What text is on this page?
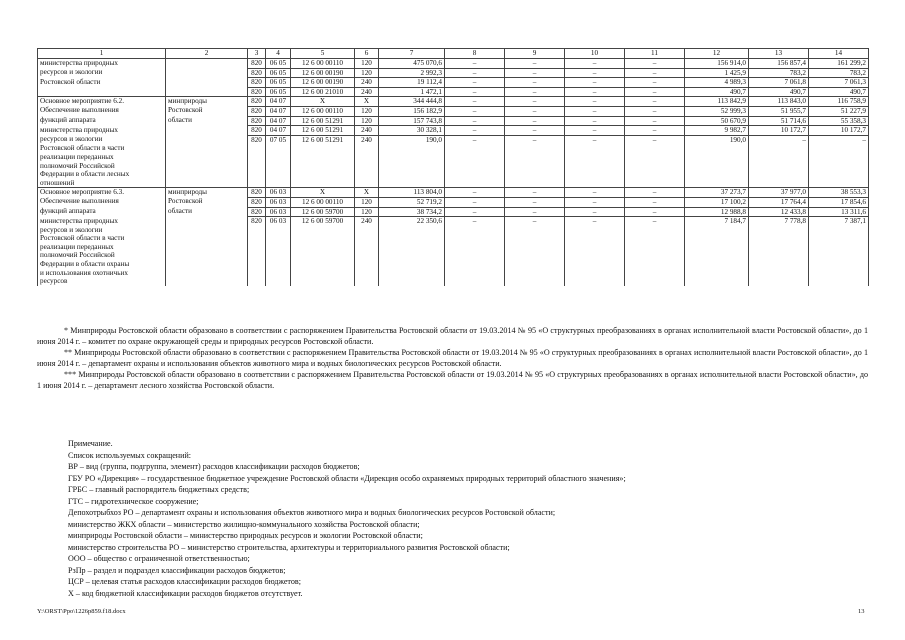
1	2	3	4	5	6	7	8	9	10	11	12	13	14
министерства природных		820	06 05	12 6 00 00110	120	475 070,6	–	–	–	–	156 914,0	156 857,4	161 299,2
ресурсов и экологии		820	06 05	12 6 00 00190	120	2 992,3	–	–	–	–	1 425,9	783,2	783,2
Ростовской области		820	06 05	12 6 00 00190	240	19 112,4	–	–	–	–	4 989,3	7 061,8	7 061,3
		820	06 05	12 6 00 21010	240	1 472,1	–	–	–	–	490,7	490,7	490,7
Основное мероприятие 6.2.	минприроды	820	04 07	Х	Х	344 444,8	–	–	–	–	113 842,9	113 843,0	116 758,9
Обеспечение выполнения	Ростовской	820	04 07	12 6 00 00110	120	156 182,9	–	–	–	–	52 999,3	51 955,7	51 227,9
функций аппарата	области	820	04 07	12 6 00 51291	120	157 743,8	–	–	–	–	50 670,9	51 714,6	55 358,3
министерства природных		820	04 07	12 6 00 51291	240	30 328,1	–	–	–	–	9 982,7	10 172,7	10 172,7
ресурсов и экологии		820	07 05	12 6 00 51291	240	190,0	–	–	–	–	190,0	–	–
Ростовской области в части													
реализации переданных													
полномочий Российской													
Федерации в области лесных													
отношений													
Основное мероприятие 6.3.	минприроды	820	06 03	Х	Х	113 804,0	–	–	–	–	37 273,7	37 977,0	38 553,3
Обеспечение выполнения	Ростовской	820	06 03	12 6 00 00110	120	52 719,2	–	–	–	–	17 100,2	17 764,4	17 854,6
функций аппарата	области	820	06 03	12 6 00 59700	120	38 734,2	–	–	–	–	12 988,8	12 433,8	13 311,6
министерства природных		820	06 03	12 6 00 59700	240	22 350,6	–	–	–	–	7 184,7	7 778,8	7 387,1
ресурсов и экологии													
Ростовской области в части													
реализации переданных													
полномочий Российской													
Федерации в области охраны													
и использования охотничьих													
ресурсов													

* Минприроды Ростовской области образовано в соответствии с распоряжением Правительства Ростовской области от 19.03.2014 № 95 «О структурных преобразованиях в органах исполнительной власти Ростовской области», до 1 июня 2014 г. – комитет по охране окружающей среды и природных ресурсов Ростовской области.

** Минприроды Ростовской области образовано в соответствии с распоряжением Правительства Ростовской области от 19.03.2014 № 95 «О структурных преобразованиях в органах исполнительной власти Ростовской области», до 1 июня 2014 г. – департамент охраны и использования объектов животного мира и водных биологических ресурсов Ростовской области.

*** Минприроды Ростовской области образовано в соответствии с распоряжением Правительства Ростовской области от 19.03.2014 № 95 «О структурных преобразованиях в органах исполнительной власти Ростовской области», до 1 июня 2014 г. – департамент лесного хозяйства Ростовской области.

Примечание.
Список используемых сокращений:
ВР – вид (группа, подгруппа, элемент) расходов классификации расходов бюджетов;
ГБУ РО «Дирекция» – государственное бюджетное учреждение Ростовской области «Дирекция особо охраняемых природных территорий областного значения»;
ГРБС – главный распорядитель бюджетных средств;
ГТС – гидротехническое сооружение;
Депохотрыбхоз РО – департамент охраны и использования объектов животного мира и водных биологических ресурсов Ростовской области;
министерство ЖКХ области – министерство жилищно-коммунального хозяйства Ростовской области;
минприроды Ростовской области – министерство природных ресурсов и экологии Ростовской области;
министерство строительства РО – министерство строительства, архитектуры и территориального развития Ростовской области;
ООО – общество с ограниченной ответственностью;
РзПр – раздел и подраздел классификации расходов бюджетов;
ЦСР – целевая статья расходов классификации расходов бюджетов;
Х – код бюджетной классификации расходов бюджетов отсутствует.
Y:\ORST\Ppo\1226p859.f18.docx	13
